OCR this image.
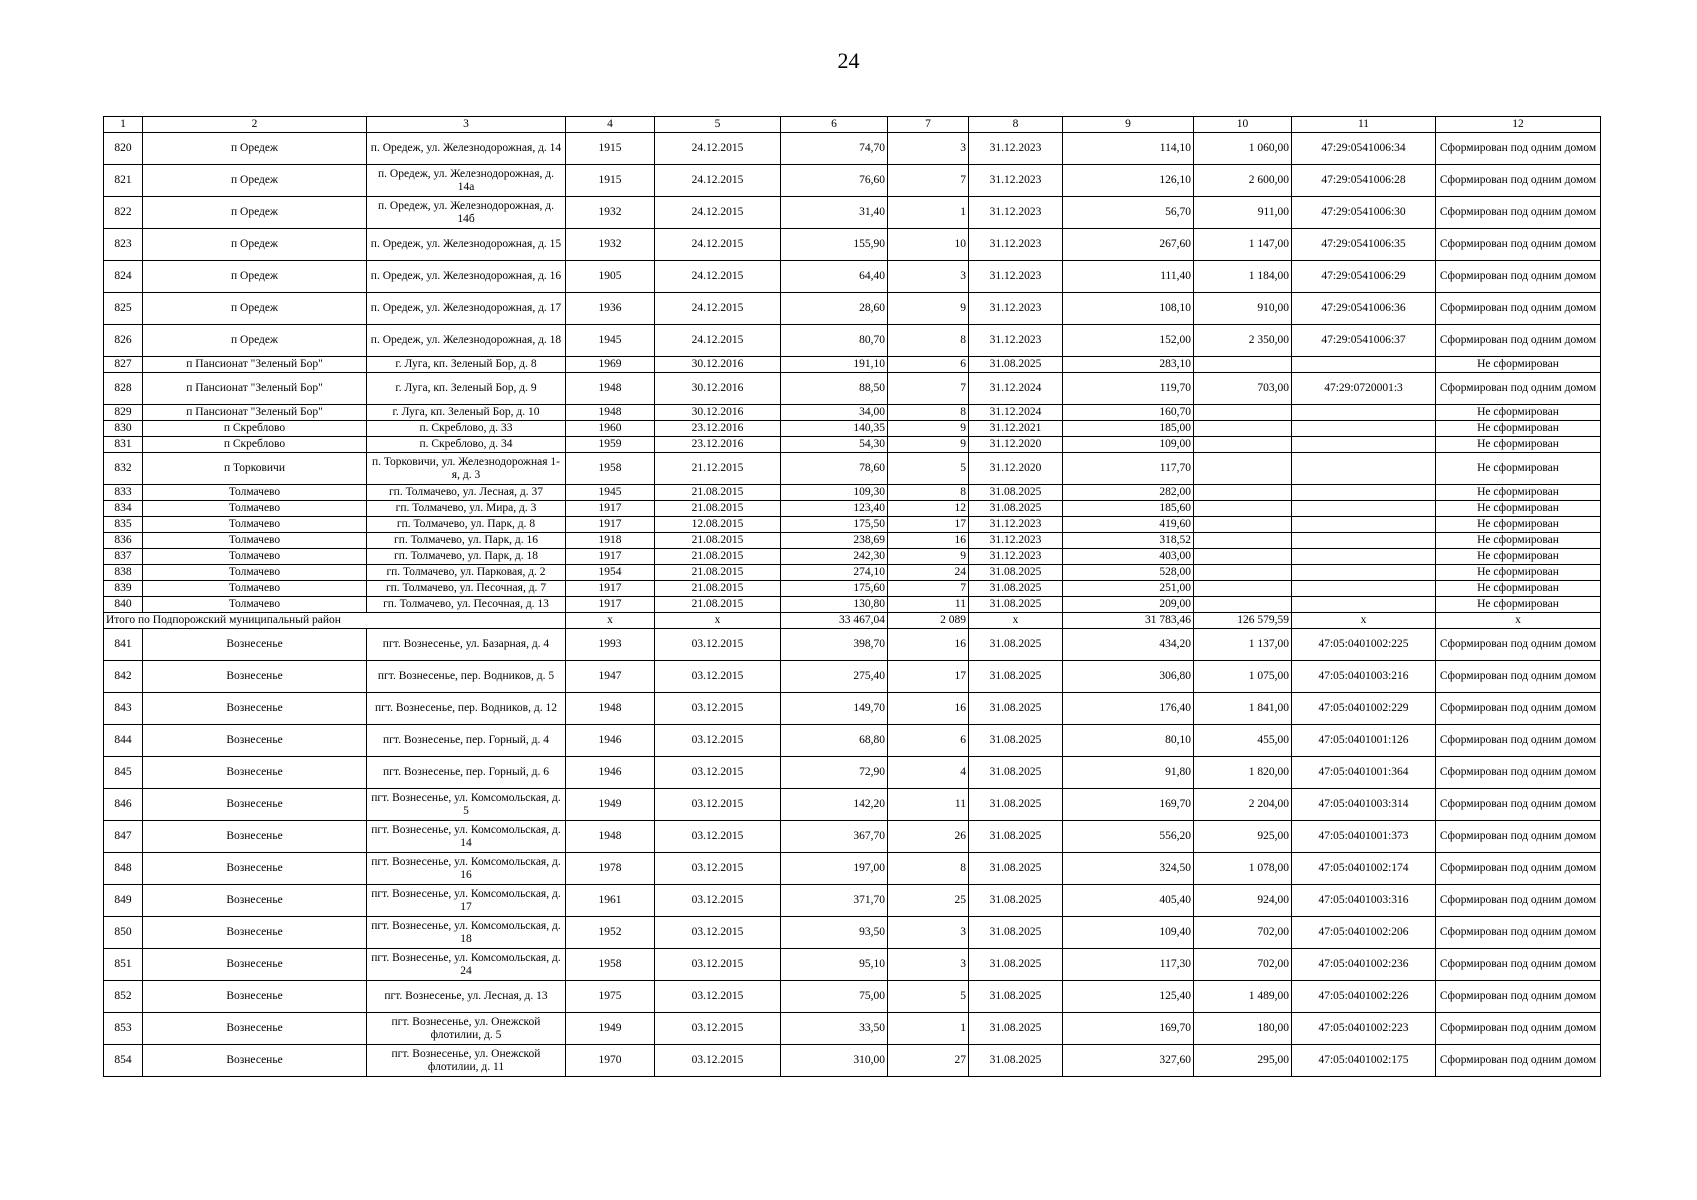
24
1	2	3	4	5	6	7	8	9	10	11	12
820	п Оредеж	п. Оредеж, ул. Железнодорожная, д. 14	1915	24.12.2015	74,70	3	31.12.2023	114,10	1 060,00	47:29:0541006:34	Сформирован под одним домом
821	п Оредеж	п. Оредеж, ул. Железнодорожная, д. 14а	1915	24.12.2015	76,60	7	31.12.2023	126,10	2 600,00	47:29:0541006:28	Сформирован под одним домом
822	п Оредеж	п. Оредеж, ул. Железнодорожная, д. 14б	1932	24.12.2015	31,40	1	31.12.2023	56,70	911,00	47:29:0541006:30	Сформирован под одним домом
823	п Оредеж	п. Оредеж, ул. Железнодорожная, д. 15	1932	24.12.2015	155,90	10	31.12.2023	267,60	1 147,00	47:29:0541006:35	Сформирован под одним домом
824	п Оредеж	п. Оредеж, ул. Железнодорожная, д. 16	1905	24.12.2015	64,40	3	31.12.2023	111,40	1 184,00	47:29:0541006:29	Сформирован под одним домом
825	п Оредеж	п. Оредеж, ул. Железнодорожная, д. 17	1936	24.12.2015	28,60	9	31.12.2023	108,10	910,00	47:29:0541006:36	Сформирован под одним домом
826	п Оредеж	п. Оредеж, ул. Железнодорожная, д. 18	1945	24.12.2015	80,70	8	31.12.2023	152,00	2 350,00	47:29:0541006:37	Сформирован под одним домом
827	п Пансионат "Зеленый Бор"	г. Луга, кп. Зеленый Бор, д. 8	1969	30.12.2016	191,10	6	31.08.2025	283,10			Не сформирован
828	п Пансионат "Зеленый Бор"	г. Луга, кп. Зеленый Бор, д. 9	1948	30.12.2016	88,50	7	31.12.2024	119,70	703,00	47:29:0720001:3	Сформирован под одним домом
829	п Пансионат "Зеленый Бор"	г. Луга, кп. Зеленый Бор, д. 10	1948	30.12.2016	34,00	8	31.12.2024	160,70			Не сформирован
830	п Скреблово	п. Скреблово, д. 33	1960	23.12.2016	140,35	9	31.12.2021	185,00			Не сформирован
831	п Скреблово	п. Скреблово, д. 34	1959	23.12.2016	54,30	9	31.12.2020	109,00			Не сформирован
832	п Торковичи	п. Торковичи, ул. Железнодорожная 1-я, д. 3	1958	21.12.2015	78,60	5	31.12.2020	117,70			Не сформирован
833	Толмачево	гп. Толмачево, ул. Лесная, д. 37	1945	21.08.2015	109,30	8	31.08.2025	282,00			Не сформирован
834	Толмачево	гп. Толмачево, ул. Мира, д. 3	1917	21.08.2015	123,40	12	31.08.2025	185,60			Не сформирован
835	Толмачево	гп. Толмачево, ул. Парк, д. 8	1917	12.08.2015	175,50	17	31.12.2023	419,60			Не сформирован
836	Толмачево	гп. Толмачево, ул. Парк, д. 16	1918	21.08.2015	238,69	16	31.12.2023	318,52			Не сформирован
837	Толмачево	гп. Толмачево, ул. Парк, д. 18	1917	21.08.2015	242,30	9	31.12.2023	403,00			Не сформирован
838	Толмачево	гп. Толмачево, ул. Парковая, д. 2	1954	21.08.2015	274,10	24	31.08.2025	528,00			Не сформирован
839	Толмачево	гп. Толмачево, ул. Песочная, д. 7	1917	21.08.2015	175,60	7	31.08.2025	251,00			Не сформирован
840	Толмачево	гп. Толмачево, ул. Песочная, д. 13	1917	21.08.2015	130,80	11	31.08.2025	209,00			Не сформирован
Итого по Подпорожский муниципальный район			х	х	33 467,04	2 089	х	31 783,46	126 579,59	х	х
841	Вознесенье	пгт. Вознесенье, ул. Базарная, д. 4	1993	03.12.2015	398,70	16	31.08.2025	434,20	1 137,00	47:05:0401002:225	Сформирован под одним домом
842	Вознесенье	пгт. Вознесенье, пер. Водников, д. 5	1947	03.12.2015	275,40	17	31.08.2025	306,80	1 075,00	47:05:0401003:216	Сформирован под одним домом
843	Вознесенье	пгт. Вознесенье, пер. Водников, д. 12	1948	03.12.2015	149,70	16	31.08.2025	176,40	1 841,00	47:05:0401002:229	Сформирован под одним домом
844	Вознесенье	пгт. Вознесенье, пер. Горный, д. 4	1946	03.12.2015	68,80	6	31.08.2025	80,10	455,00	47:05:0401001:126	Сформирован под одним домом
845	Вознесенье	пгт. Вознесенье, пер. Горный, д. 6	1946	03.12.2015	72,90	4	31.08.2025	91,80	1 820,00	47:05:0401001:364	Сформирован под одним домом
846	Вознесенье	пгт. Вознесенье, ул. Комсомольская, д. 5	1949	03.12.2015	142,20	11	31.08.2025	169,70	2 204,00	47:05:0401003:314	Сформирован под одним домом
847	Вознесенье	пгт. Вознесенье, ул. Комсомольская, д. 14	1948	03.12.2015	367,70	26	31.08.2025	556,20	925,00	47:05:0401001:373	Сформирован под одним домом
848	Вознесенье	пгт. Вознесенье, ул. Комсомольская, д. 16	1978	03.12.2015	197,00	8	31.08.2025	324,50	1 078,00	47:05:0401002:174	Сформирован под одним домом
849	Вознесенье	пгт. Вознесенье, ул. Комсомольская, д. 17	1961	03.12.2015	371,70	25	31.08.2025	405,40	924,00	47:05:0401003:316	Сформирован под одним домом
850	Вознесенье	пгт. Вознесенье, ул. Комсомольская, д. 18	1952	03.12.2015	93,50	3	31.08.2025	109,40	702,00	47:05:0401002:206	Сформирован под одним домом
851	Вознесенье	пгт. Вознесенье, ул. Комсомольская, д. 24	1958	03.12.2015	95,10	3	31.08.2025	117,30	702,00	47:05:0401002:236	Сформирован под одним домом
852	Вознесенье	пгт. Вознесенье, ул. Лесная, д. 13	1975	03.12.2015	75,00	5	31.08.2025	125,40	1 489,00	47:05:0401002:226	Сформирован под одним домом
853	Вознесенье	пгт. Вознесенье, ул. Онежской флотилии, д. 5	1949	03.12.2015	33,50	1	31.08.2025	169,70	180,00	47:05:0401002:223	Сформирован под одним домом
854	Вознесенье	пгт. Вознесенье, ул. Онежской флотилии, д. 11	1970	03.12.2015	310,00	27	31.08.2025	327,60	295,00	47:05:0401002:175	Сформирован под одним домом
